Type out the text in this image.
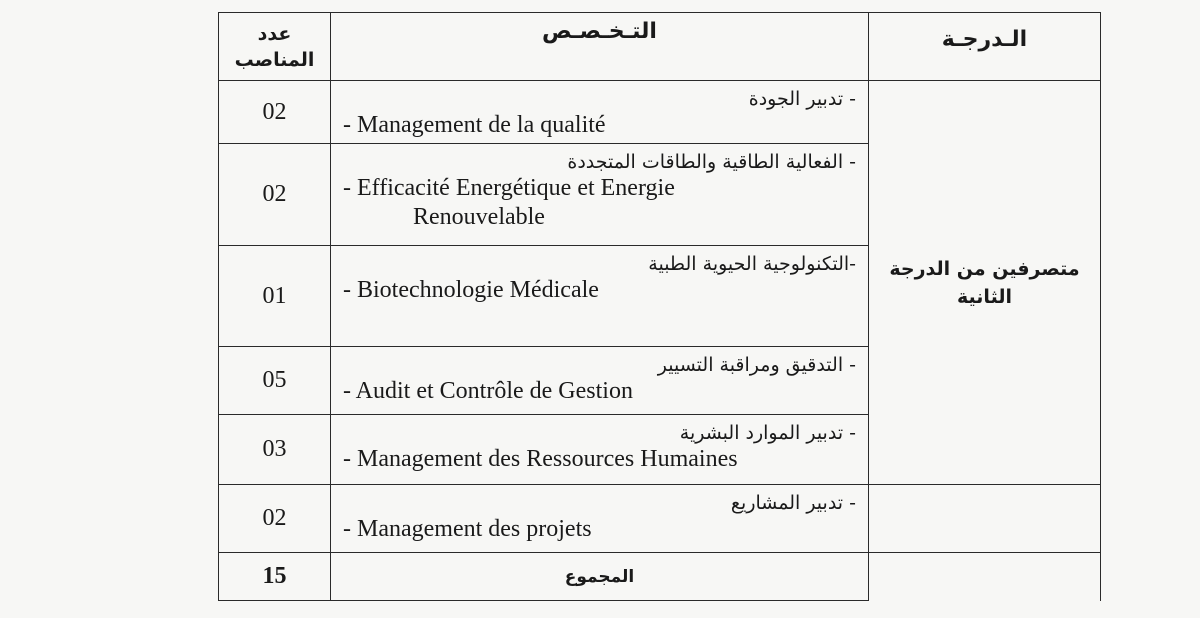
عدد المناصب	التـخـصـص	الـدرجـة
02	- تدبير الجودة
- Management de la qualité	متصرفين من الدرجة الثانية
02	- الفعالية الطاقية والطاقات المتجددة
- Efficacité Energétique et Energie
Renouvelable	

01	-التكنولوجية الحيوية الطبية
- Biotechnologie Médicale	

05	- التدقيق ومراقبة التسيير
- Audit et Contrôle de Gestion	

03	- تدبير الموارد البشرية
- Management des Ressources Humaines	

02	- تدبير المشاريع
- Management des projets	

15	المجموع	
